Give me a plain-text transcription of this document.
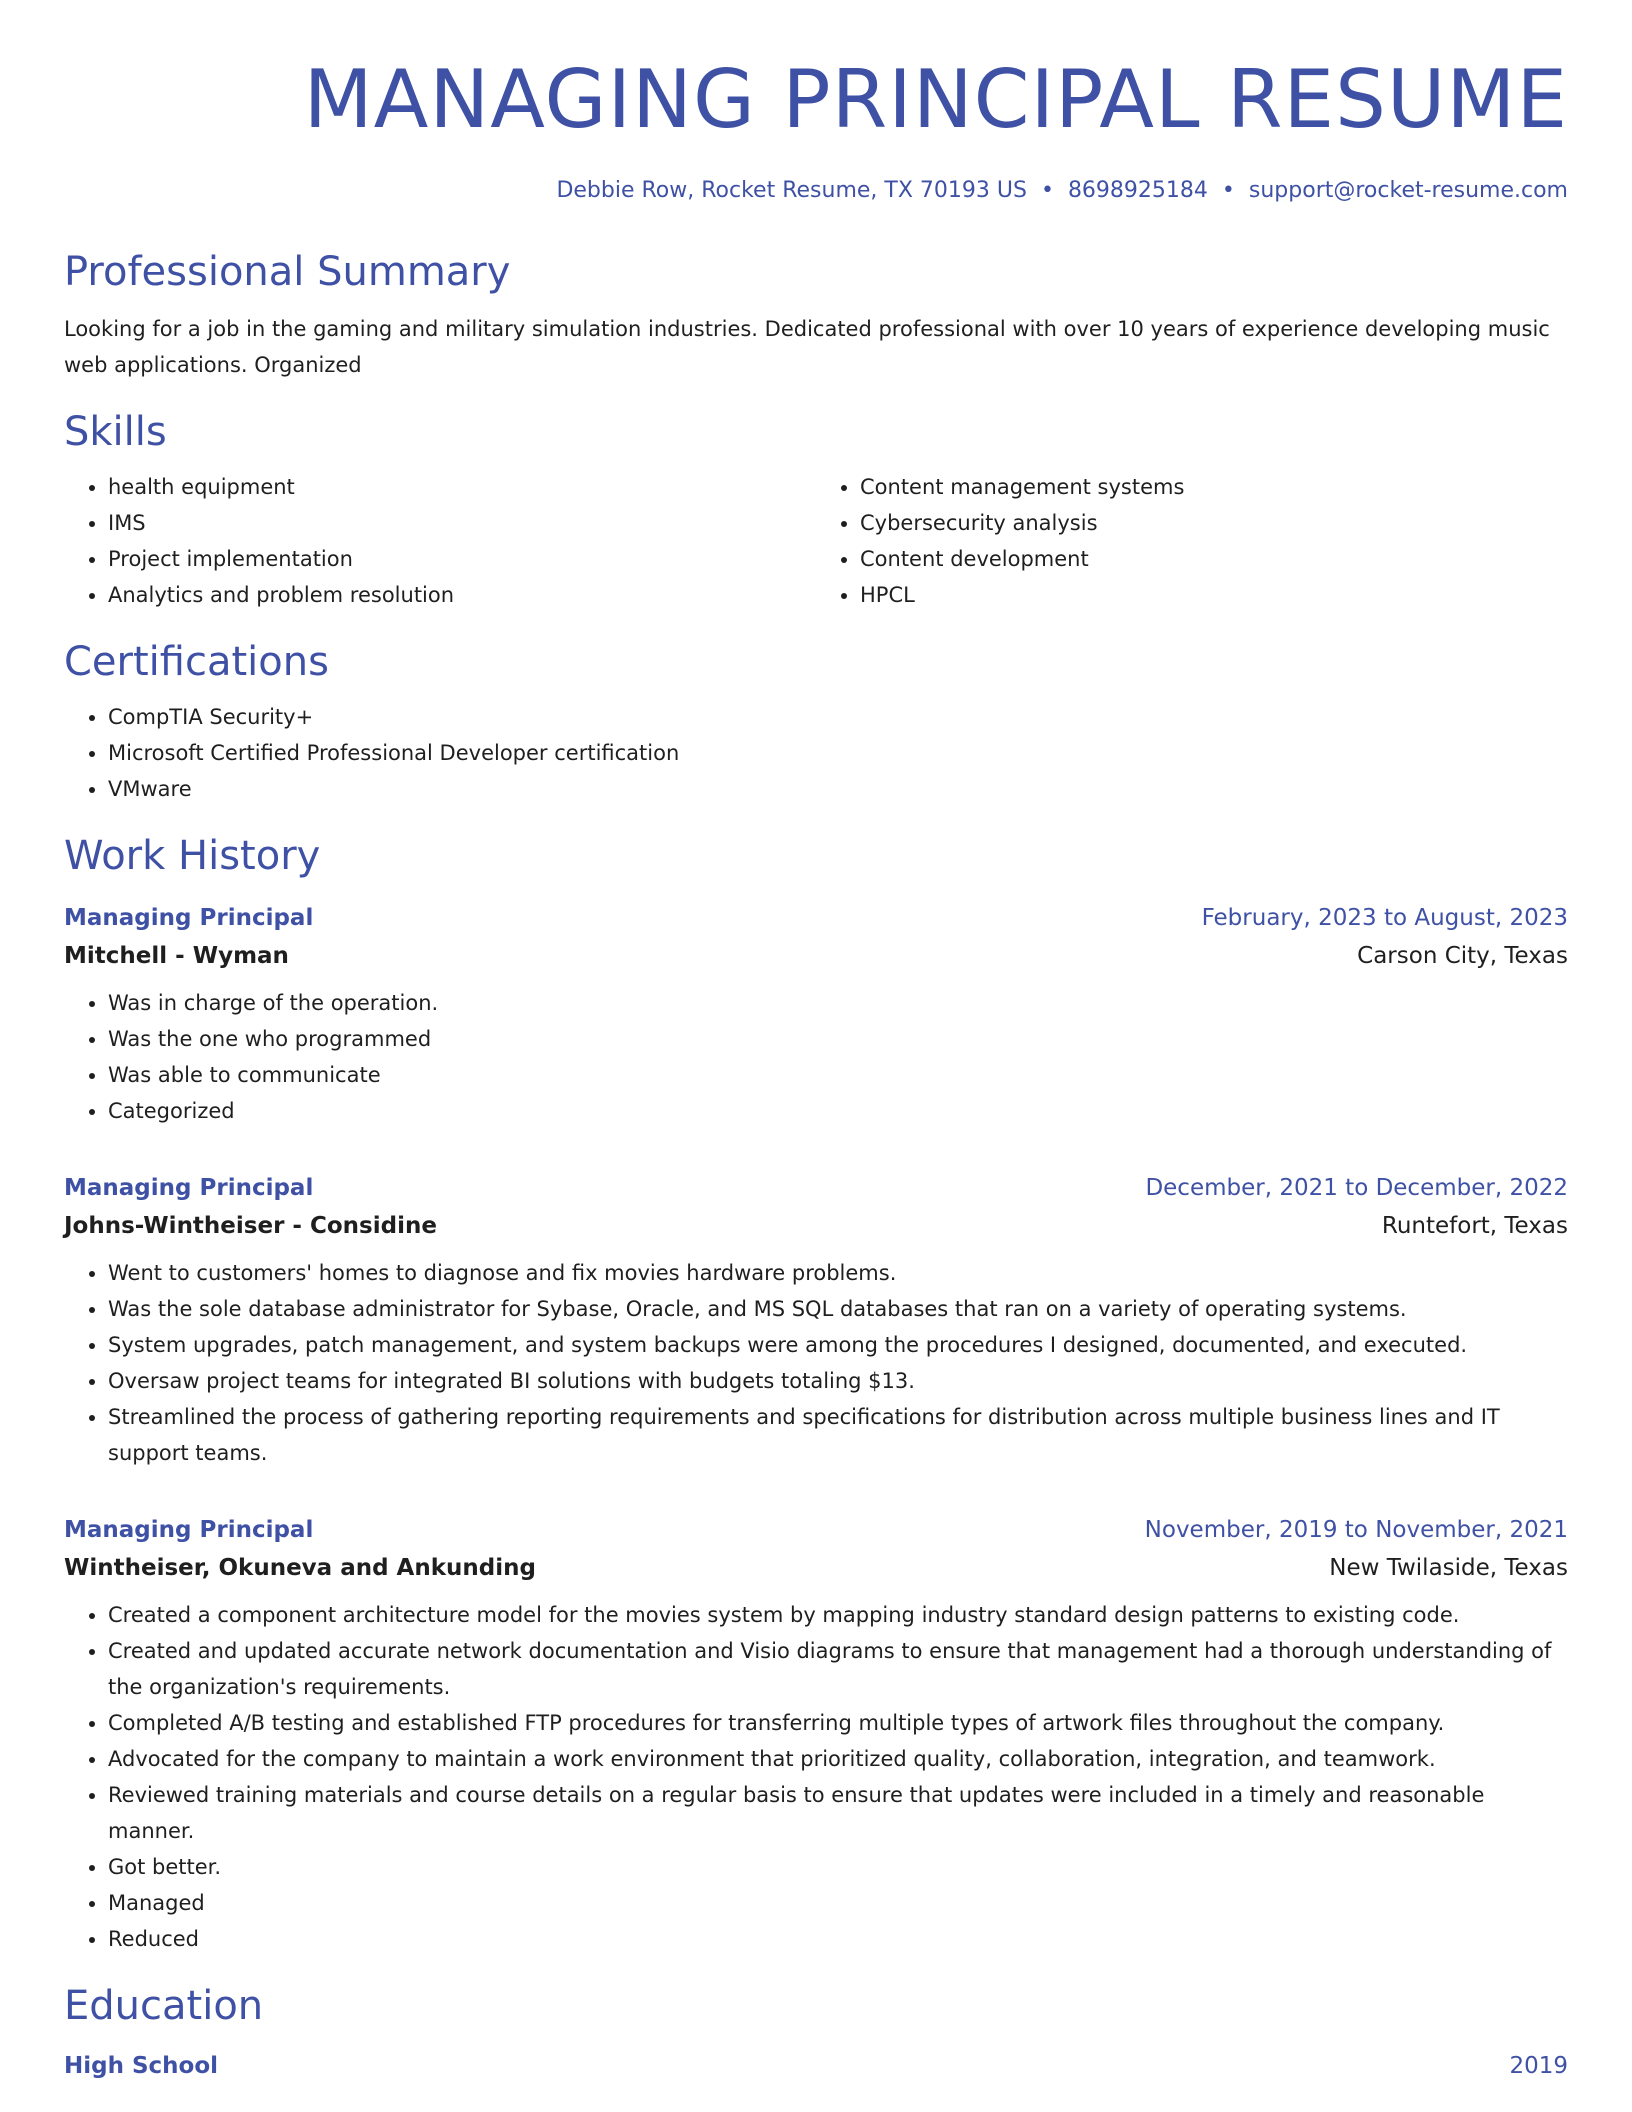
MANAGING PRINCIPAL RESUME
Debbie Row, Rocket Resume, TX 70193 US • 8698925184 • support@rocket-resume.com
Professional Summary

Looking for a job in the gaming and military simulation industries. Dedicated professional with over 10 years of experience developing music web applications. Organized

Skills
• health equipment
• IMS
• Project implementation
• Analytics and problem resolution
• Content management systems
• Cybersecurity analysis
• Content development
• HPCL
Certifications
• CompTIA Security+
• Microsoft Certified Professional Developer certification
• VMware
Work History
Managing Principal	February, 2023 to August, 2023
Mitchell - Wyman	Carson City, Texas
• Was in charge of the operation.
• Was the one who programmed
• Was able to communicate
• Categorized
Managing Principal	December, 2021 to December, 2022
Johns-Wintheiser - Considine	Runtefort, Texas
• Went to customers' homes to diagnose and fix movies hardware problems.
• Was the sole database administrator for Sybase, Oracle, and MS SQL databases that ran on a variety of operating systems.
• System upgrades, patch management, and system backups were among the procedures I designed, documented, and executed.
• Oversaw project teams for integrated BI solutions with budgets totaling $13.
• Streamlined the process of gathering reporting requirements and specifications for distribution across multiple business lines and IT support teams.
Managing Principal	November, 2019 to November, 2021
Wintheiser, Okuneva and Ankunding	New Twilaside, Texas
• Created a component architecture model for the movies system by mapping industry standard design patterns to existing code.
• Created and updated accurate network documentation and Visio diagrams to ensure that management had a thorough understanding of the organization's requirements.
• Completed A/B testing and established FTP procedures for transferring multiple types of artwork files throughout the company.
• Advocated for the company to maintain a work environment that prioritized quality, collaboration, integration, and teamwork.
• Reviewed training materials and course details on a regular basis to ensure that updates were included in a timely and reasonable manner.
• Got better.
• Managed
• Reduced
Education
High School	2019
